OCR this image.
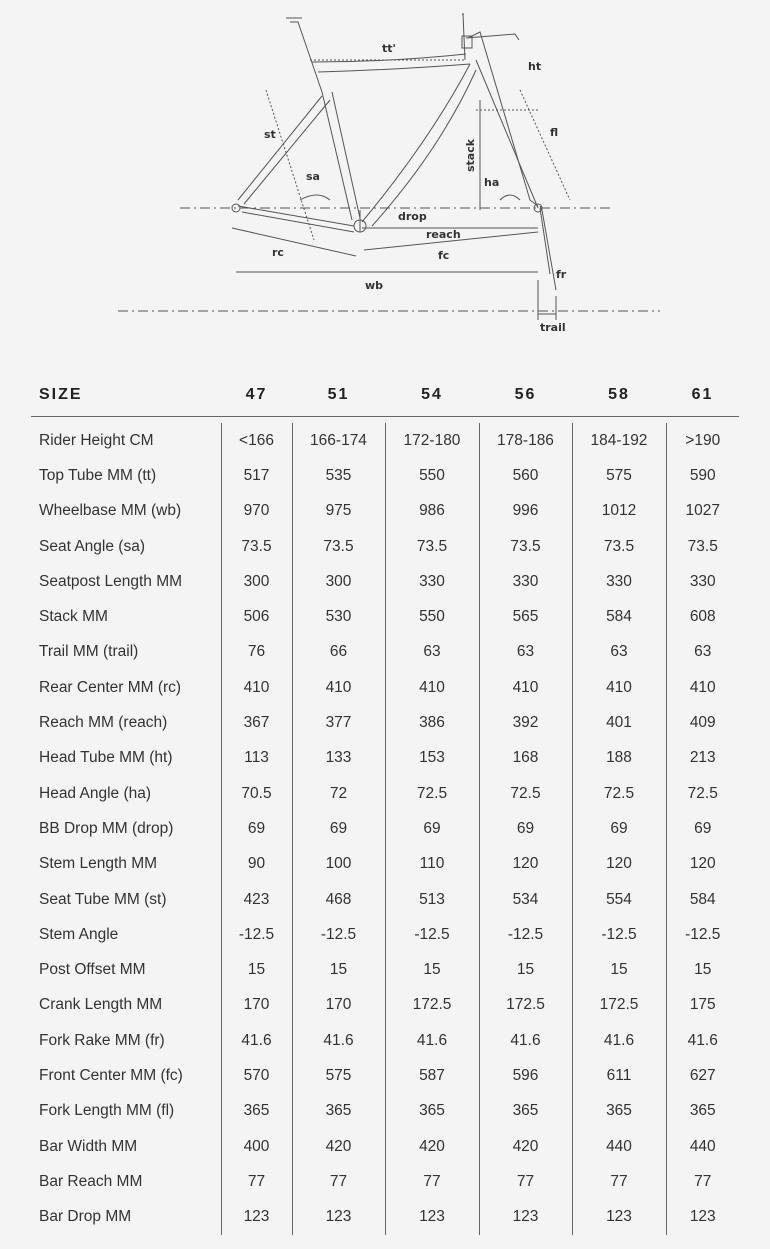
tt'
ht
st	fl
stack
sa	ha
drop
reach
rc	fc
fr
wb
trail
SIZE	47	51	54	56	58	61

Rider Height CM	<166	166-174	172-180	178-186	184-192	>190
Top Tube MM (tt)	517	535	550	560	575	590
Wheelbase MM (wb)	970	975	986	996	1012	1027
Seat Angle (sa)	73.5	73.5	73.5	73.5	73.5	73.5
Seatpost Length MM	300	300	330	330	330	330
Stack MM	506	530	550	565	584	608
Trail MM (trail)	76	66	63	63	63	63
Rear Center MM (rc)	410	410	410	410	410	410
Reach MM (reach)	367	377	386	392	401	409
Head Tube MM (ht)	113	133	153	168	188	213
Head Angle (ha)	70.5	72	72.5	72.5	72.5	72.5
BB Drop MM (drop)	69	69	69	69	69	69
Stem Length MM	90	100	110	120	120	120
Seat Tube MM (st)	423	468	513	534	554	584
Stem Angle	-12.5	-12.5	-12.5	-12.5	-12.5	-12.5
Post Offset MM	15	15	15	15	15	15
Crank Length MM	170	170	172.5	172.5	172.5	175
Fork Rake MM (fr)	41.6	41.6	41.6	41.6	41.6	41.6
Front Center MM (fc)	570	575	587	596	611	627
Fork Length MM (fl)	365	365	365	365	365	365
Bar Width MM	400	420	420	420	440	440
Bar Reach MM	77	77	77	77	77	77
Bar Drop MM	123	123	123	123	123	123
